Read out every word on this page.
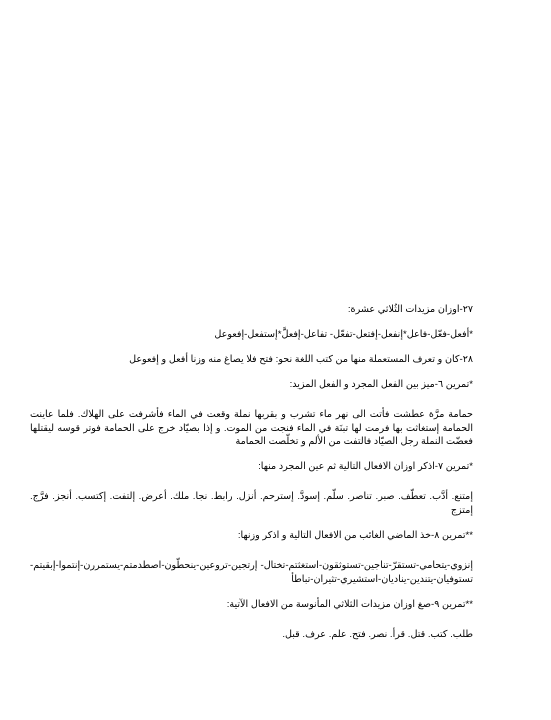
٢٧-اوزان مزيدات الثُلاثي عشرة:

*أفعل-فعّل-فاعل*إنفعل-إفتعل-تفعّل- تفاعل-إفعلَّ*إستفعل-إفعوعل

٢٨-كان و تعرف المستعملة منها من كتب اللغة نحو: فتح فلا يصاغ منه وزنا أفعل و إفعوعل

*تمرين ٦-ميز بين الفعل المجرد و الفعل المزيد:

حمامة مرَّة عطشت فأتت الى نهر ماء تشرب و بقربها نملة وقعت في الماء فأشرفت على الهلاك. فلما عاينت الحمامة إستغاثت بها فرمت لها تبنَة في الماء فنجت من الموت. و إذا بصيّاد خرج على الحمامة فوتر قوسه ليقتلها فعضّت النملة رجل الصيّاد فالتفت من الألم و تخلّصت الحمامة

*تمرين ٧-اذكر اوزان الافعال التالية ثم عين المجرد منها:

إمتنع. أدَّب. تعطّف. صبر. تناصر. سلّم. إسودَّ. إسترحم. أنزل. رابط. نجا. ملك. أعرض. إلتفت. إكتسب. أنجز. فرَّج. إمتزج

**تمرين ٨-خذ الماضي الغائب من الافعال التالية و اذكر وزنها:

إنزوي-يتحامي-تستقرّ-تناجين-تستوثقون-استغثتم-تختال- إرتجين-تروعين-ينحطّون-اصطدمتم-يستمررن-إنتموا-إبقيتم- تستوفيان-يتندين-يناديان-استشيري-تثيران-تباطأ

**تمرين ٩-صغ اوزان مزيدات الثلاثي المأنوسة من الافعال الآتية:

طلب. كتب. قتل. قرأ. نصر. فتح. علم. عرف. قبل.
